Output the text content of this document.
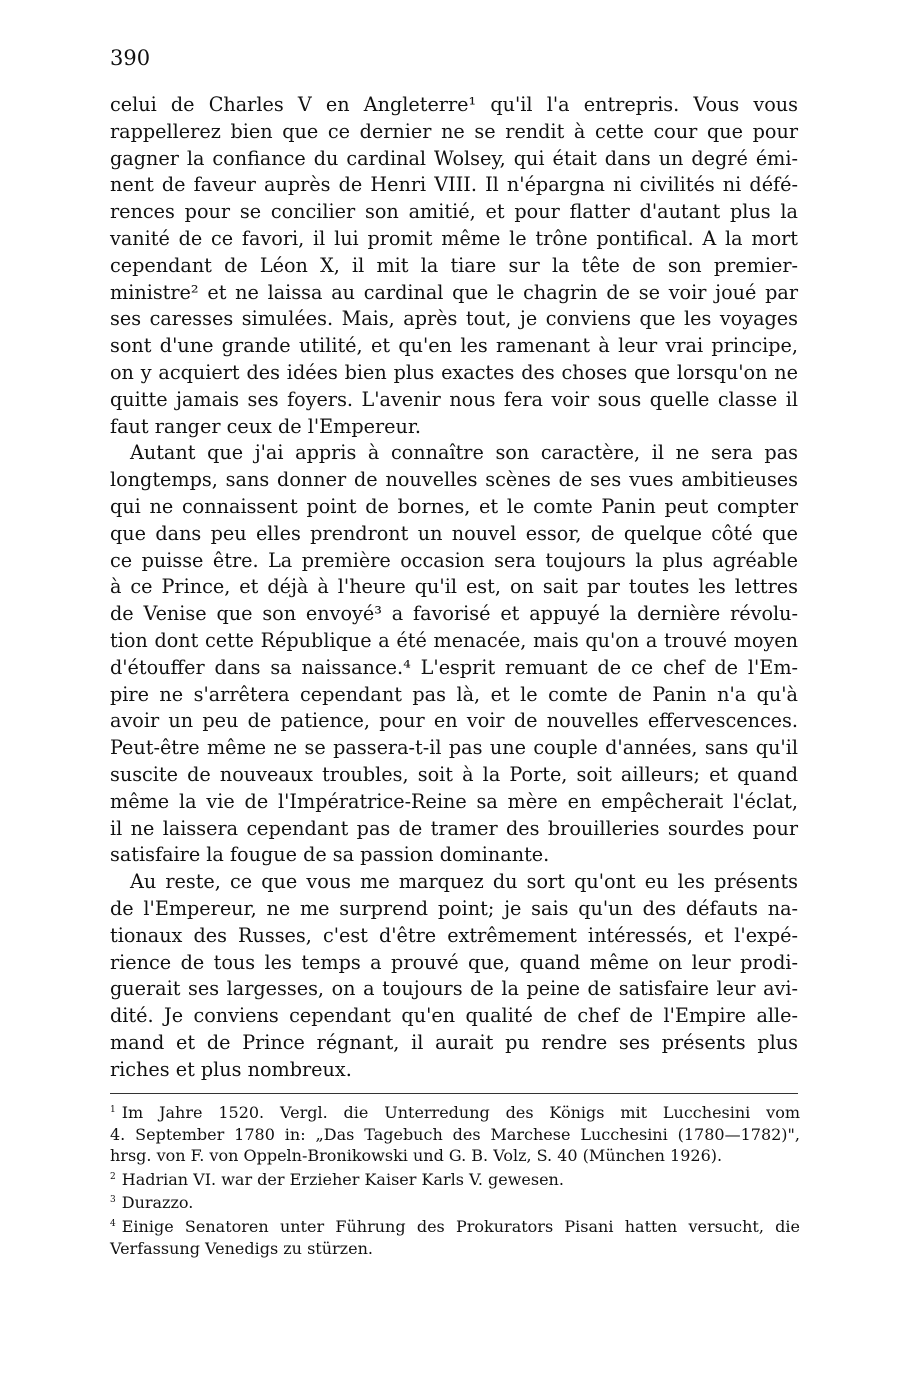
390

celui de Charles V en Angleterre¹ qu'il l'a entrepris. Vous vous
rappellerez bien que ce dernier ne se rendit à cette cour que pour
gagner la confiance du cardinal Wolsey, qui était dans un degré émi-
nent de faveur auprès de Henri VIII. Il n'épargna ni civilités ni défé-
rences pour se concilier son amitié, et pour flatter d'autant plus la
vanité de ce favori, il lui promit même le trône pontifical. A la mort
cependant de Léon X, il mit la tiare sur la tête de son premier-
ministre² et ne laissa au cardinal que le chagrin de se voir joué par
ses caresses simulées. Mais, après tout, je conviens que les voyages
sont d'une grande utilité, et qu'en les ramenant à leur vrai principe,
on y acquiert des idées bien plus exactes des choses que lorsqu'on ne
quitte jamais ses foyers. L'avenir nous fera voir sous quelle classe il
faut ranger ceux de l'Empereur.

Autant que j'ai appris à connaître son caractère, il ne sera pas
longtemps, sans donner de nouvelles scènes de ses vues ambitieuses
qui ne connaissent point de bornes, et le comte Panin peut compter
que dans peu elles prendront un nouvel essor, de quelque côté que
ce puisse être. La première occasion sera toujours la plus agréable
à ce Prince, et déjà à l'heure qu'il est, on sait par toutes les lettres
de Venise que son envoyé³ a favorisé et appuyé la dernière révolu-
tion dont cette République a été menacée, mais qu'on a trouvé moyen
d'étouffer dans sa naissance.⁴ L'esprit remuant de ce chef de l'Em-
pire ne s'arrêtera cependant pas là, et le comte de Panin n'a qu'à
avoir un peu de patience, pour en voir de nouvelles effervescences.
Peut-être même ne se passera-t-il pas une couple d'années, sans qu'il
suscite de nouveaux troubles, soit à la Porte, soit ailleurs; et quand
même la vie de l'Impératrice-Reine sa mère en empêcherait l'éclat,
il ne laissera cependant pas de tramer des brouilleries sourdes pour
satisfaire la fougue de sa passion dominante.

Au reste, ce que vous me marquez du sort qu'ont eu les présents
de l'Empereur, ne me surprend point; je sais qu'un des défauts na-
tionaux des Russes, c'est d'être extrêmement intéressés, et l'expé-
rience de tous les temps a prouvé que, quand même on leur prodi-
guerait ses largesses, on a toujours de la peine de satisfaire leur avi-
dité. Je conviens cependant qu'en qualité de chef de l'Empire alle-
mand et de Prince régnant, il aurait pu rendre ses présents plus
riches et plus nombreux.

$^1$ Im Jahre 1520. Vergl. die Unterredung des Königs mit Lucchesini vom
4. September 1780 in: „Das Tagebuch des Marchese Lucchesini (1780—1782)",
hrsg. von F. von Oppeln-Bronikowski und G. B. Volz, S. 40 (München 1926).
$^2$ Hadrian VI. war der Erzieher Kaiser Karls V. gewesen.
$^3$ Durazzo.
$^4$ Einige Senatoren unter Führung des Prokurators Pisani hatten versucht, die
Verfassung Venedigs zu stürzen.
